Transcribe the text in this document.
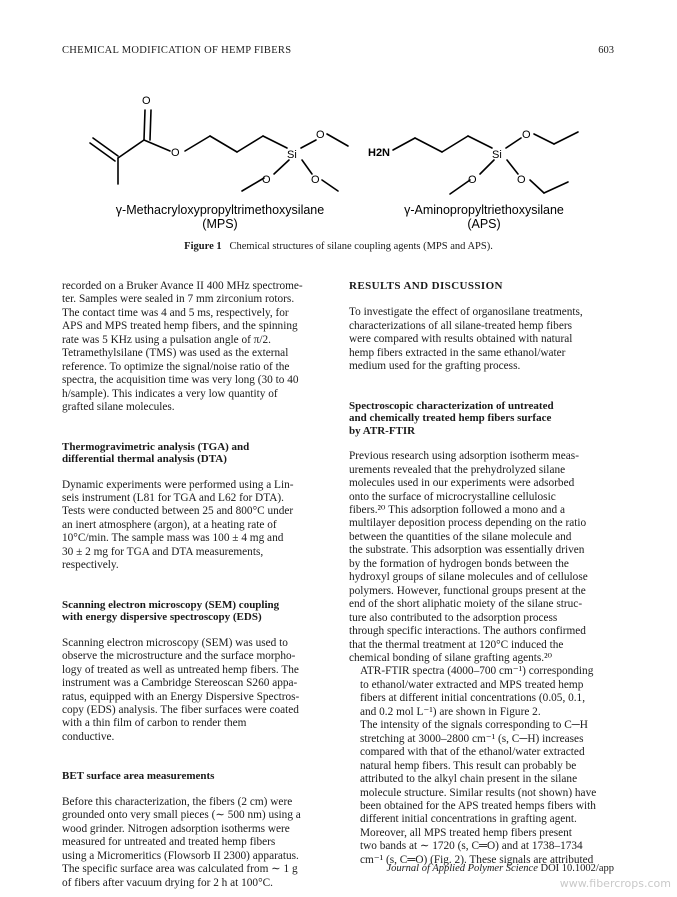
CHEMICAL MODIFICATION OF HEMP FIBERS	603
O
O	Si
O
O	O
H2N	Si
O
O	O
γ-Methacryloxypropyltrimethoxysilane
(MPS)
γ-Aminopropyltriethoxysilane
(APS)
Figure 1 Chemical structures of silane coupling agents (MPS and APS).

recorded on a Bruker Avance II 400 MHz spectrome-
ter. Samples were sealed in 7 mm zirconium rotors.
The contact time was 4 and 5 ms, respectively, for
APS and MPS treated hemp fibers, and the spinning
rate was 5 KHz using a pulsation angle of π/2.
Tetramethylsilane (TMS) was used as the external
reference. To optimize the signal/noise ratio of the
spectra, the acquisition time was very long (30 to 40
h/sample). This indicates a very low quantity of
grafted silane molecules.

Thermogravimetric analysis (TGA) and
differential thermal analysis (DTA)

Dynamic experiments were performed using a Lin-
seis instrument (L81 for TGA and L62 for DTA).
Tests were conducted between 25 and 800°C under
an inert atmosphere (argon), at a heating rate of
10°C/min. The sample mass was 100 ± 4 mg and
30 ± 2 mg for TGA and DTA measurements,
respectively.

Scanning electron microscopy (SEM) coupling
with energy dispersive spectroscopy (EDS)

Scanning electron microscopy (SEM) was used to
observe the microstructure and the surface morpho-
logy of treated as well as untreated hemp fibers. The
instrument was a Cambridge Stereoscan S260 appa-
ratus, equipped with an Energy Dispersive Spectros-
copy (EDS) analysis. The fiber surfaces were coated
with a thin film of carbon to render them
conductive.

BET surface area measurements

Before this characterization, the fibers (2 cm) were
grounded onto very small pieces (∼ 500 nm) using a
wood grinder. Nitrogen adsorption isotherms were
measured for untreated and treated hemp fibers
using a Micromeritics (Flowsorb II 2300) apparatus.
The specific surface area was calculated from ∼ 1 g
of fibers after vacuum drying for 2 h at 100°C.

RESULTS AND DISCUSSION

To investigate the effect of organosilane treatments,
characterizations of all silane-treated hemp fibers
were compared with results obtained with natural
hemp fibers extracted in the same ethanol/water
medium used for the grafting process.

Spectroscopic characterization of untreated
and chemically treated hemp fibers surface
by ATR-FTIR

Previous research using adsorption isotherm meas-
urements revealed that the prehydrolyzed silane
molecules used in our experiments were adsorbed
onto the surface of microcrystalline cellulosic
fibers.²⁰ This adsorption followed a mono and a
multilayer deposition process depending on the ratio
between the quantities of the silane molecule and
the substrate. This adsorption was essentially driven
by the formation of hydrogen bonds between the
hydroxyl groups of silane molecules and of cellulose
polymers. However, functional groups present at the
end of the short aliphatic moiety of the silane struc-
ture also contributed to the adsorption process
through specific interactions. The authors confirmed
that the thermal treatment at 120°C induced the
chemical bonding of silane grafting agents.²⁰

ATR-FTIR spectra (4000–700 cm⁻¹) corresponding
to ethanol/water extracted and MPS treated hemp
fibers at different initial concentrations (0.05, 0.1,
and 0.2 mol L⁻¹) are shown in Figure 2.

The intensity of the signals corresponding to C─H
stretching at 3000–2800 cm⁻¹ (s, C─H) increases
compared with that of the ethanol/water extracted
natural hemp fibers. This result can probably be
attributed to the alkyl chain present in the silane
molecule structure. Similar results (not shown) have
been obtained for the APS treated hemps fibers with
different initial concentrations in grafting agent.

Moreover, all MPS treated hemp fibers present
two bands at ∼ 1720 (s, C═O) and at 1738–1734
cm⁻¹ (s, C═O) (Fig. 2). These signals are attributed

Journal of Applied Polymer Science DOI 10.1002/app
www.fibercrops.com
